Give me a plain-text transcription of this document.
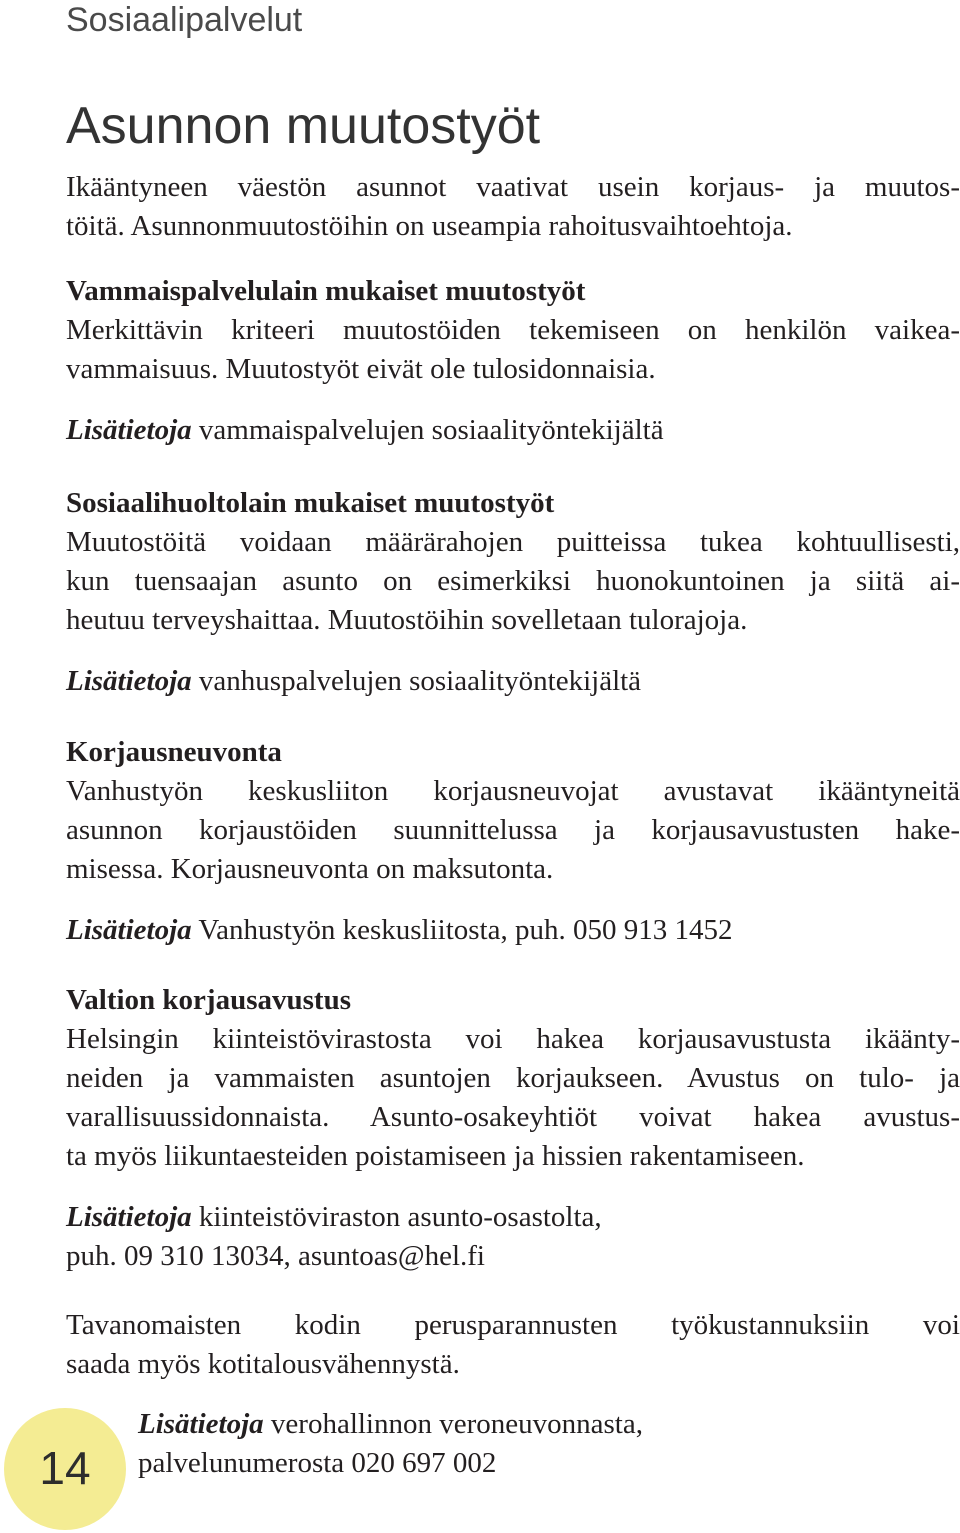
Sosiaalipalvelut
Asunnon muutostyöt

Ikääntyneen väestön asunnot vaativat usein korjaus- ja muutos-
töitä. Asunnonmuutostöihin on useampia rahoitusvaihtoehtoja.

Vammaispalvelulain mukaiset muutostyöt
Merkittävin kriteeri muutostöiden tekemiseen on henkilön vaikea-
vammaisuus. Muutostyöt eivät ole tulosidonnaisia.
Lisätietoja vammaispalvelujen sosiaalityöntekijältä
Sosiaalihuoltolain mukaiset muutostyöt
Muutostöitä voidaan määrärahojen puitteissa tukea kohtuullisesti,
kun tuensaajan asunto on esimerkiksi huonokuntoinen ja siitä ai-
heutuu terveyshaittaa. Muutostöihin sovelletaan tulorajoja.
Lisätietoja vanhuspalvelujen sosiaalityöntekijältä
Korjausneuvonta
Vanhustyön keskusliiton korjausneuvojat avustavat ikääntyneitä
asunnon korjaustöiden suunnittelussa ja korjausavustusten hake-
misessa. Korjausneuvonta on maksutonta.
Lisätietoja Vanhustyön keskusliitosta, puh. 050 913 1452
Valtion korjausavustus
Helsingin kiinteistövirastosta voi hakea korjausavustusta ikäänty-
neiden ja vammaisten asuntojen korjaukseen. Avustus on tulo- ja
varallisuussidonnaista. Asunto-osakeyhtiöt voivat hakea avustus-
ta myös liikuntaesteiden poistamiseen ja hissien rakentamiseen.
Lisätietoja kiinteistöviraston asunto-osastolta,
puh. 09 310 13034, asuntoas@hel.fi

Tavanomaisten kodin perusparannusten työkustannuksiin voi
saada myös kotitalousvähennystä.

14
Lisätietoja verohallinnon veroneuvonnasta,
palvelunumerosta 020 697 002
